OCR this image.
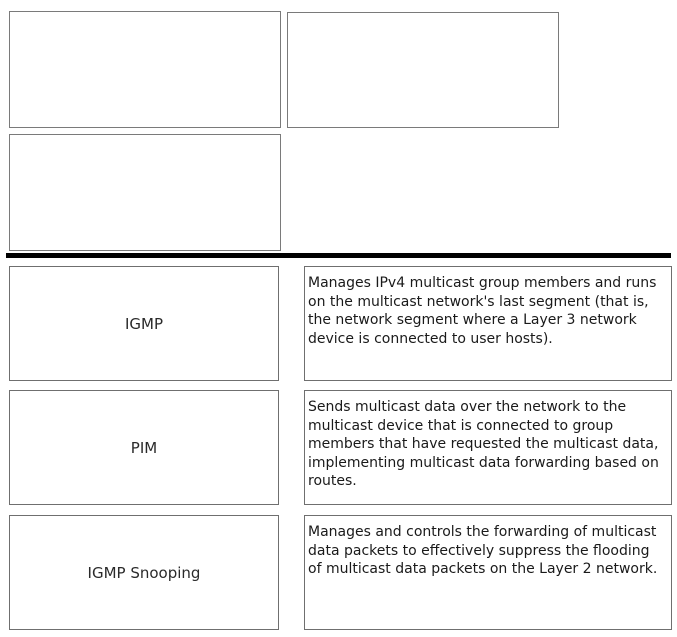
IGMP
Manages IPv4 multicast group members and runs on the multicast network's last segment (that is, the network segment where a Layer 3 network device is connected to user hosts).
PIM
Sends multicast data over the network to the multicast device that is connected to group members that have requested the multicast data, implementing multicast data forwarding based on routes.
IGMP Snooping
Manages and controls the forwarding of multicast data packets to effectively suppress the flooding of multicast data packets on the Layer 2 network.
